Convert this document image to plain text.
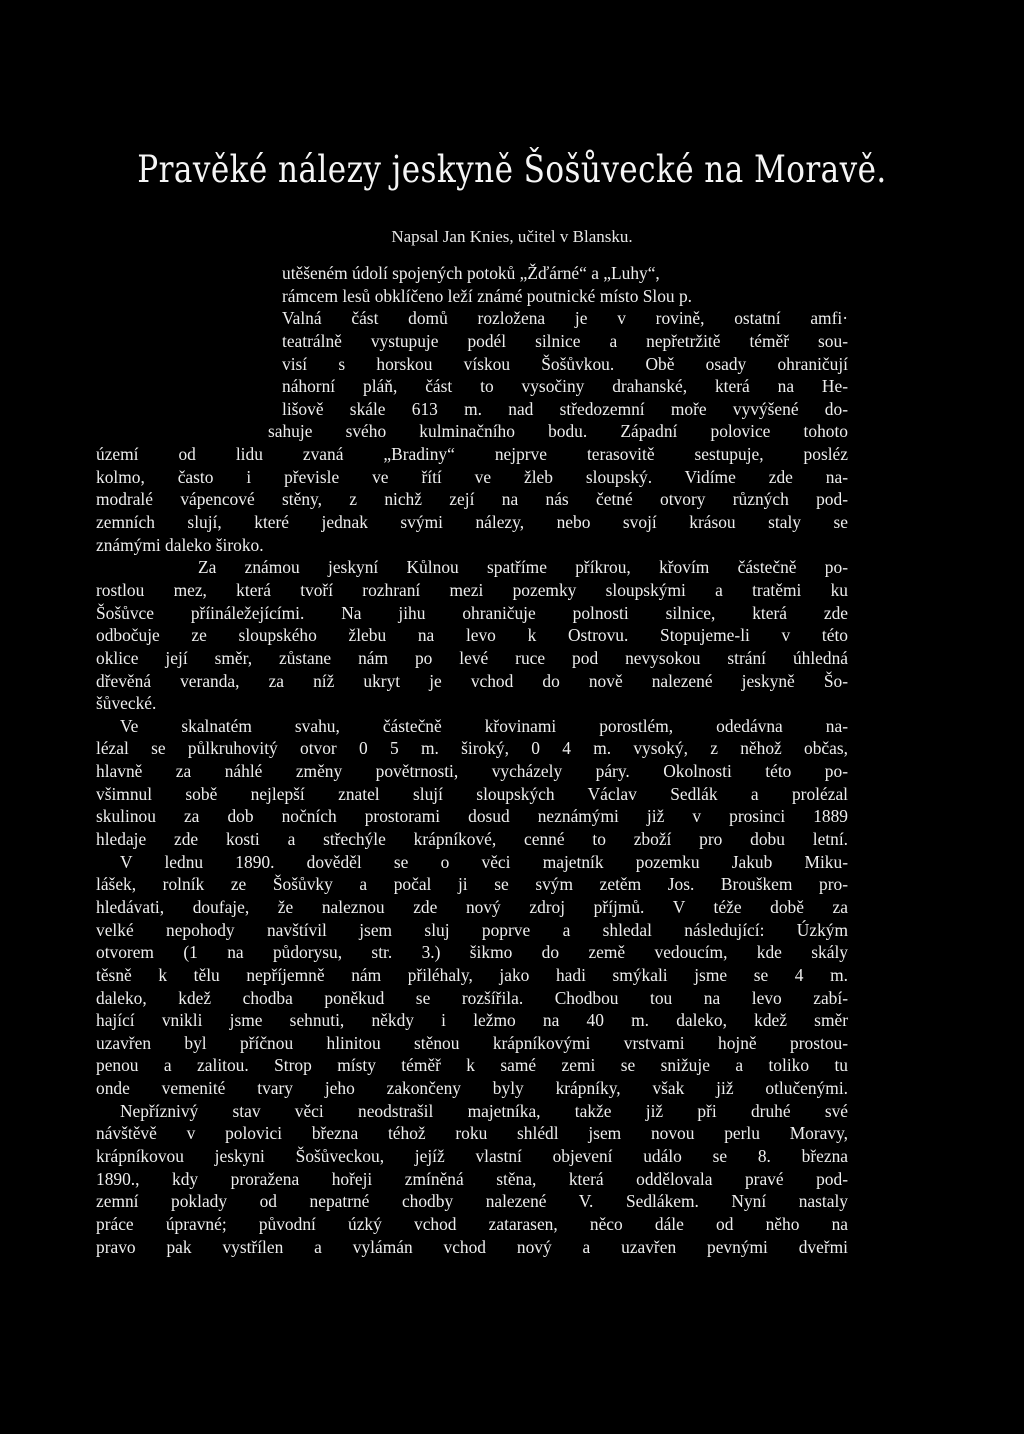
Pravěké nálezy jeskyně Šošůvecké na Moravě.

Napsal Jan Knies, učitel v Blansku.

utěšeném údolí spojených potoků „Žďárné“ a „Luhy“,
rámcem lesů obklíčeno leží známé poutnické místo Slou p.
Valná část domů rozložena je v rovině, ostatní amfi·
teatrálně vystupuje podél silnice a nepřetržitě téměř sou-
visí s horskou vískou Šošůvkou. Obě osady ohraničují
náhorní pláň, část to vysočiny drahanské, která na He-
lišově skále 613 m. nad středozemní moře vyvýšené do-
sahuje svého kulminačního bodu. Západní polovice tohoto
území od lidu zvaná „Bradiny“ nejprve terasovitě sestupuje, posléz
kolmo, často i převisle ve řítí ve žleb sloupský. Vidíme zde na-
modralé vápencové stěny, z nichž zejí na nás četné otvory různých pod-
zemních slují, které jednak svými nálezy, nebo svojí krásou staly se
známými daleko široko.
Za známou jeskyní Kůlnou spatříme příkrou, křovím částečně po-
rostlou mez, která tvoří rozhraní mezi pozemky sloupskými a tratěmi ku
Šošůvce příináležejícími. Na jihu ohraničuje polnosti silnice, která zde
odbočuje ze sloupského žlebu na levo k Ostrovu. Stopujeme-li v této
oklice její směr, zůstane nám po levé ruce pod nevysokou strání úhledná
dřevěná veranda, za níž ukryt je vchod do nově nalezené jeskyně Šo-
šůvecké.
Ve skalnatém svahu, částečně křovinami porostlém, odedávna na-
lézal se půlkruhovitý otvor 0 5 m. široký, 0 4 m. vysoký, z něhož občas,
hlavně za náhlé změny povětrnosti, vycházely páry. Okolnosti této po-
všimnul sobě nejlepší znatel slují sloupských Václav Sedlák a prolézal
skulinou za dob nočních prostorami dosud neznámými již v prosinci 1889
hledaje zde kosti a střechýle krápníkové, cenné to zboží pro dobu letní.
V lednu 1890. dověděl se o věci majetník pozemku Jakub Miku-
lášek, rolník ze Šošůvky a počal ji se svým zetěm Jos. Brouškem pro-
hledávati, doufaje, že naleznou zde nový zdroj příjmů. V téže době za
velké nepohody navštívil jsem sluj poprve a shledal následující: Úzkým
otvorem (1 na půdorysu, str. 3.) šikmo do země vedoucím, kde skály
těsně k tělu nepříjemně nám přiléhaly, jako hadi smýkali jsme se 4 m.
daleko, kdež chodba poněkud se rozšířila. Chodbou tou na levo zabí-
hající vnikli jsme sehnuti, někdy i ležmo na 40 m. daleko, kdež směr
uzavřen byl příčnou hlinitou stěnou krápníkovými vrstvami hojně prostou-
penou a zalitou. Strop místy téměř k samé zemi se snižuje a toliko tu
onde vemenité tvary jeho zakončeny byly krápníky, však již otlučenými.
Nepříznivý stav věci neodstrašil majetníka, takže již při druhé své
návštěvě v polovici března téhož roku shlédl jsem novou perlu Moravy,
krápníkovou jeskyni Šošůveckou, jejíž vlastní objevení událo se 8. března
1890., kdy proražena hořeji zmíněná stěna, která oddělovala pravé pod-
zemní poklady od nepatrné chodby nalezené V. Sedlákem. Nyní nastaly
práce úpravné; původní úzký vchod zatarasen, něco dále od něho na
pravo pak vystřílen a vylámán vchod nový a uzavřen pevnými dveřmi
